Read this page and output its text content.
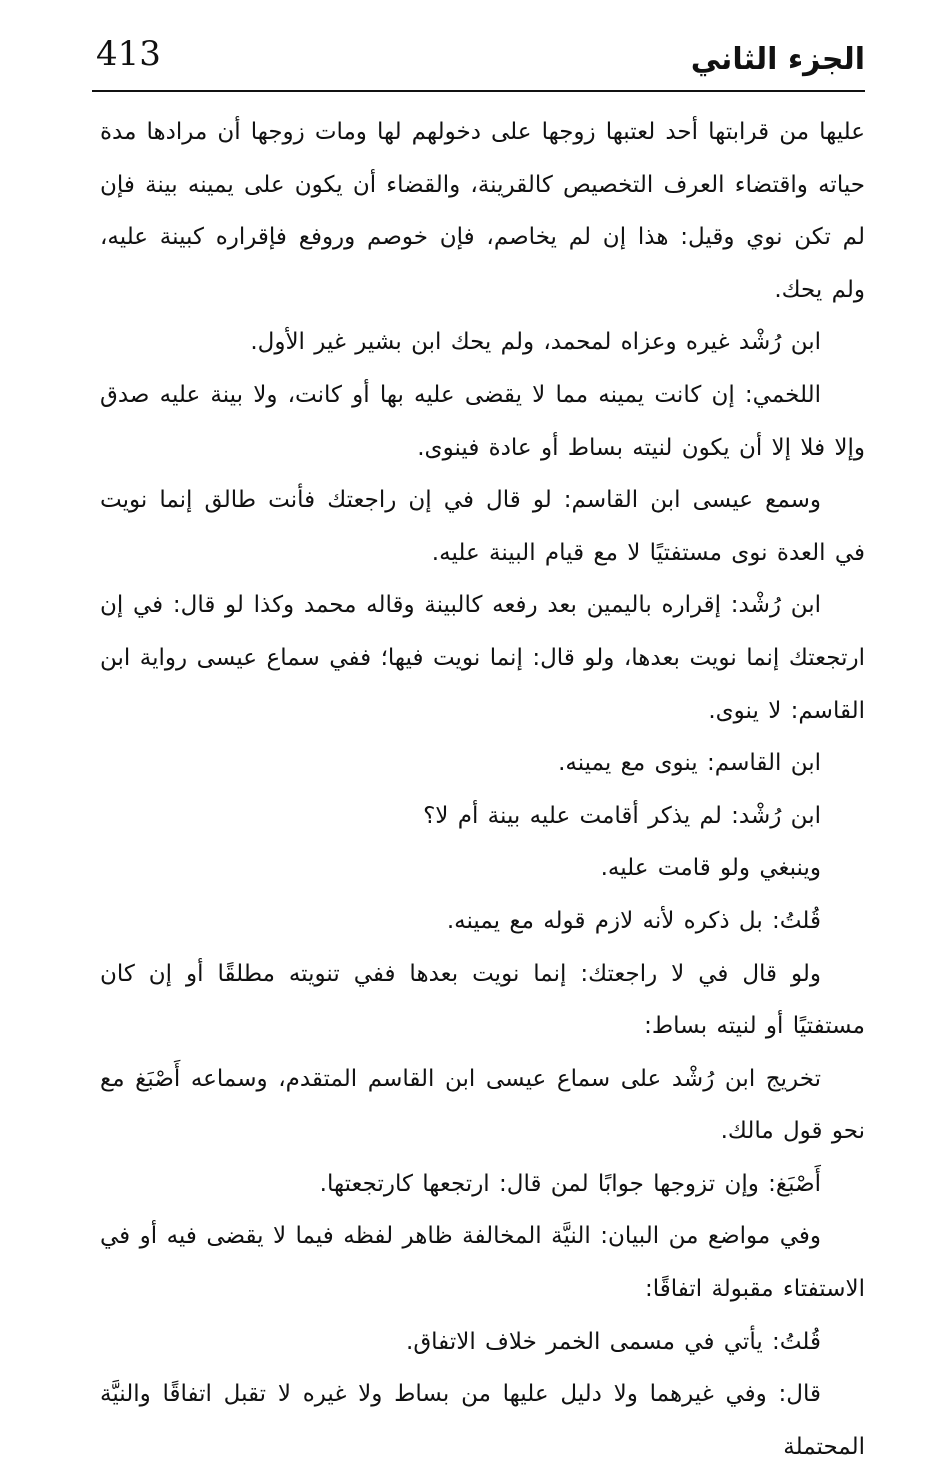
413	الجزء الثاني

عليها من قرابتها أحد لعتبها زوجها على دخولهم لها ومات زوجها أن مرادها مدة حياته واقتضاء العرف التخصيص كالقرينة، والقضاء أن يكون على يمينه بينة فإن لم تكن نوي وقيل: هذا إن لم يخاصم، فإن خوصم وروفع فإقراره كبينة عليه، ولم يحك.

ابن رُشْد غيره وعزاه لمحمد، ولم يحك ابن بشير غير الأول.

اللخمي: إن كانت يمينه مما لا يقضى عليه بها أو كانت، ولا بينة عليه صدق وإلا فلا إلا أن يكون لنيته بساط أو عادة فينوى.

وسمع عيسى ابن القاسم: لو قال في إن راجعتك فأنت طالق إنما نويت في العدة نوى مستفتيًا لا مع قيام البينة عليه.

ابن رُشْد: إقراره باليمين بعد رفعه كالبينة وقاله محمد وكذا لو قال: في إن ارتجعتك إنما نويت بعدها، ولو قال: إنما نويت فيها؛ ففي سماع عيسى رواية ابن القاسم: لا ينوى.

ابن القاسم: ينوى مع يمينه.

ابن رُشْد: لم يذكر أقامت عليه بينة أم لا؟

وينبغي ولو قامت عليه.

قُلتُ: بل ذكره لأنه لازم قوله مع يمينه.

ولو قال في لا راجعتك: إنما نويت بعدها ففي تنويته مطلقًا أو إن كان مستفتيًا أو لنيته بساط:

تخريج ابن رُشْد على سماع عيسى ابن القاسم المتقدم، وسماعه أَصْبَغ مع نحو قول مالك.

أَصْبَغ: وإن تزوجها جوابًا لمن قال: ارتجعها كارتجعتها.

وفي مواضع من البيان: النيَّة المخالفة ظاهر لفظه فيما لا يقضى فيه أو في الاستفتاء مقبولة اتفاقًا:

قُلتُ: يأتي في مسمى الخمر خلاف الاتفاق.

قال: وفي غيرهما ولا دليل عليها من بساط ولا غيره لا تقبل اتفاقًا والنيَّة المحتملة
